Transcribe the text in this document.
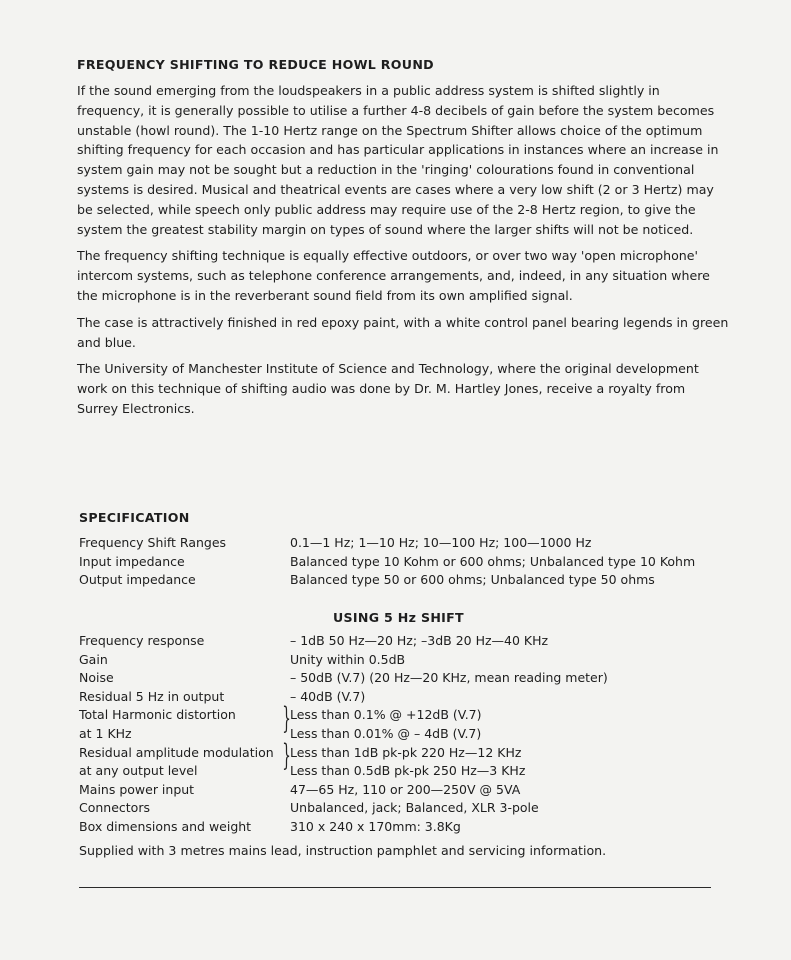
FREQUENCY SHIFTING TO REDUCE HOWL ROUND

If the sound emerging from the loudspeakers in a public address system is shifted slightly in frequency, it is generally possible to utilise a further 4-8 decibels of gain before the system becomes unstable (howl round). The 1-10 Hertz range on the Spectrum Shifter allows choice of the optimum shifting frequency for each occasion and has particular applications in instances where an increase in system gain may not be sought but a reduction in the 'ringing' colourations found in conventional systems is desired. Musical and theatrical events are cases where a very low shift (2 or 3 Hertz) may be selected, while speech only public address may require use of the 2-8 Hertz region, to give the system the greatest stability margin on types of sound where the larger shifts will not be noticed.

The frequency shifting technique is equally effective outdoors, or over two way 'open microphone' intercom systems, such as telephone conference arrangements, and, indeed, in any situation where the microphone is in the reverberant sound field from its own amplified signal.

The case is attractively finished in red epoxy paint, with a white control panel bearing legends in green and blue.

The University of Manchester Institute of Science and Technology, where the original development work on this technique of shifting audio was done by Dr. M. Hartley Jones, receive a royalty from Surrey Electronics.

SPECIFICATION
Frequency Shift Ranges	0.1—1 Hz; 1—10 Hz; 10—100 Hz; 100—1000 Hz
Input impedance	Balanced type 10 Kohm or 600 ohms; Unbalanced type 10 Kohm
Output impedance	Balanced type 50 or 600 ohms; Unbalanced type 50 ohms
USING 5 Hz SHIFT
Frequency response	– 1dB 50 Hz—20 Hz; –3dB 20 Hz—40 KHz
Gain	Unity within 0.5dB
Noise	– 50dB (V.7) (20 Hz—20 KHz, mean reading meter)
Residual 5 Hz in output	– 40dB (V.7)
Total Harmonic distortion	Less than 0.1% @ +12dB (V.7)
at 1 KHz	Less than 0.01% @ – 4dB (V.7)
Residual amplitude modulation Less than 1dB pk-pk 220 Hz—12 KHz
at any output level	Less than 0.5dB pk-pk 250 Hz—3 KHz
Mains power input	47—65 Hz, 110 or 200—250V @ 5VA
Connectors	Unbalanced, jack; Balanced, XLR 3-pole
Box dimensions and weight	310 x 240 x 170mm: 3.8Kg
}
}

Supplied with 3 metres mains lead, instruction pamphlet and servicing information.
